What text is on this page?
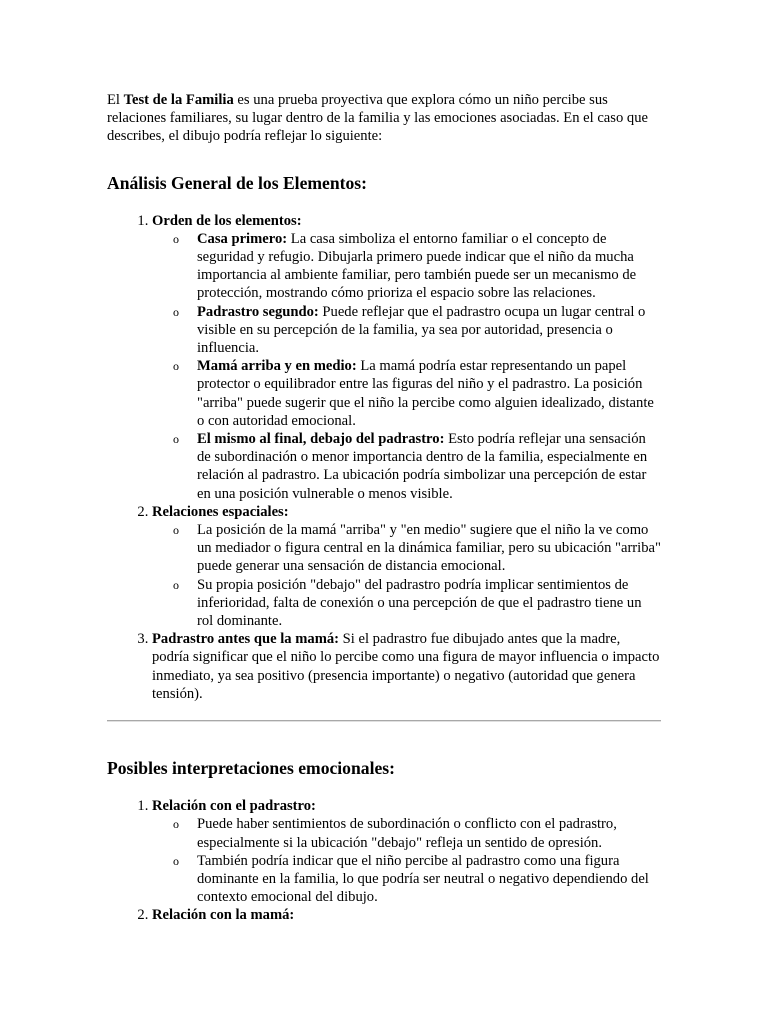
El Test de la Familia es una prueba proyectiva que explora cómo un niño percibe sus relaciones familiares, su lugar dentro de la familia y las emociones asociadas. En el caso que describes, el dibujo podría reflejar lo siguiente:

Análisis General de los Elementos:
1. Orden de los elementos:
o Casa primero: La casa simboliza el entorno familiar o el concepto de seguridad y refugio. Dibujarla primero puede indicar que el niño da mucha importancia al ambiente familiar, pero también puede ser un mecanismo de protección, mostrando cómo prioriza el espacio sobre las relaciones.
o Padrastro segundo: Puede reflejar que el padrastro ocupa un lugar central o visible en su percepción de la familia, ya sea por autoridad, presencia o influencia.
o Mamá arriba y en medio: La mamá podría estar representando un papel protector o equilibrador entre las figuras del niño y el padrastro. La posición "arriba" puede sugerir que el niño la percibe como alguien idealizado, distante o con autoridad emocional.
o El mismo al final, debajo del padrastro: Esto podría reflejar una sensación de subordinación o menor importancia dentro de la familia, especialmente en relación al padrastro. La ubicación podría simbolizar una percepción de estar en una posición vulnerable o menos visible.
2. Relaciones espaciales:
o La posición de la mamá "arriba" y "en medio" sugiere que el niño la ve como un mediador o figura central en la dinámica familiar, pero su ubicación "arriba" puede generar una sensación de distancia emocional.
o Su propia posición "debajo" del padrastro podría implicar sentimientos de inferioridad, falta de conexión o una percepción de que el padrastro tiene un rol dominante.
3. Padrastro antes que la mamá: Si el padrastro fue dibujado antes que la madre, podría significar que el niño lo percibe como una figura de mayor influencia o impacto inmediato, ya sea positivo (presencia importante) o negativo (autoridad que genera tensión).
Posibles interpretaciones emocionales:
1. Relación con el padrastro:
o Puede haber sentimientos de subordinación o conflicto con el padrastro, especialmente si la ubicación "debajo" refleja un sentido de opresión.
o También podría indicar que el niño percibe al padrastro como una figura dominante en la familia, lo que podría ser neutral o negativo dependiendo del contexto emocional del dibujo.
2. Relación con la mamá:
